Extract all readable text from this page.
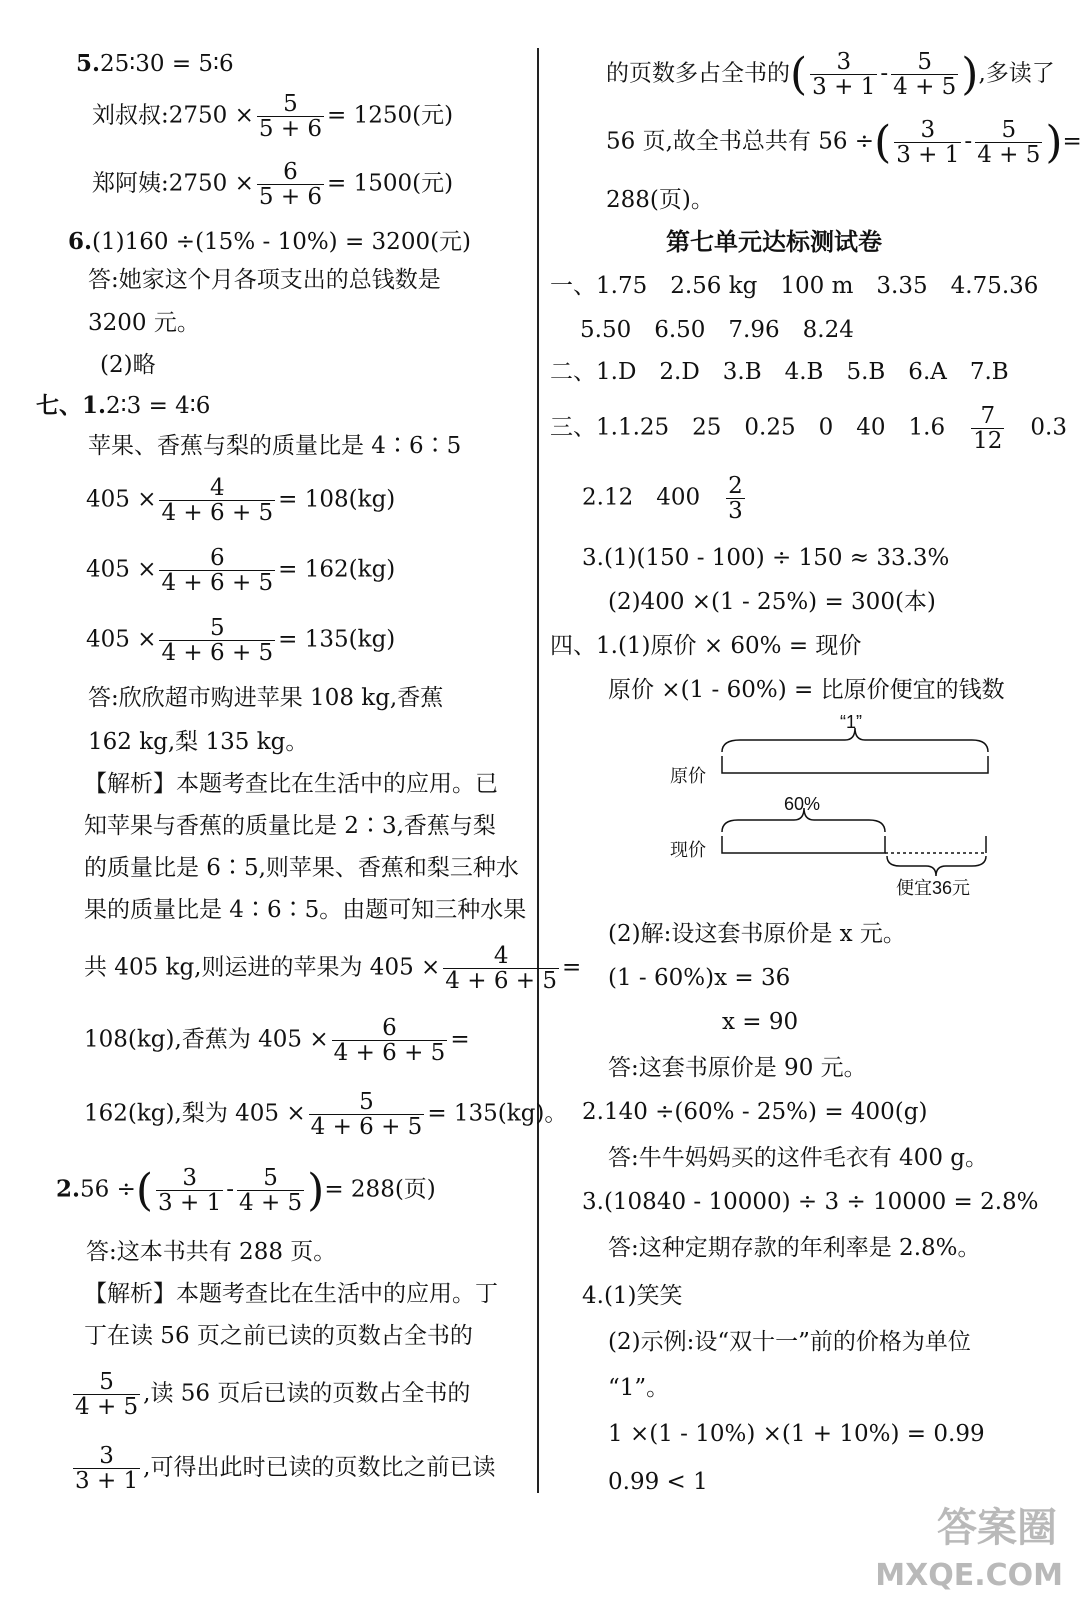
5.25∶30 = 5∶6
刘叔叔:2750 × $\frac{5}{5 + 6} = 1250$(元)
郑阿姨:2750 × $\frac{6}{5 + 6} = 1500$(元)
6.(1)160 ÷(15% - 10%) = 3200(元)
答:她家这个月各项支出的总钱数是
3200 元。
(2)略
七、1.2∶3 = 4∶6
苹果、香蕉与梨的质量比是 4∶6∶5
$405 \times \frac{4}{4 + 6 + 5} = 108(kg)$
$405 \times \frac{6}{4 + 6 + 5} = 162(kg)$
$405 \times \frac{5}{4 + 6 + 5} = 135(kg)$
答:欣欣超市购进苹果 108 kg,香蕉
162 kg,梨 135 kg。
【解析】本题考查比在生活中的应用。已
知苹果与香蕉的质量比是 2∶3,香蕉与梨
的质量比是 6∶5,则苹果、香蕉和梨三种水
果的质量比是 4∶6∶5。由题可知三种水果
共 405 kg,则运进的苹果为 $405 \times \frac{4}{4 + 6 + 5}$ =
108(kg),香蕉为 $405 \times \frac{6}{4 + 6 + 5}$ =
162(kg),梨为 $405 \times \frac{5}{4 + 6 + 5} = 135(kg)$。
2.56 ÷( $\frac{3}{3 + 1} - \frac{5}{4 + 5}$ )= 288(页)
答:这本书共有 288 页。
【解析】本题考查比在生活中的应用。丁
丁在读 56 页之前已读的页数占全书的
$\frac{5}{4 + 5}$ ,读 56 页后已读的页数占全书的
$\frac{3}{3 + 1}$ ,可得出此时已读的页数比之前已读
的页数多占全书的( $\frac{3}{3 + 1} - \frac{5}{4 + 5}$ ),多读了
56 页,故全书总共有 56 ÷( $\frac{3}{3 + 1} - \frac{5}{4 + 5}$ )=
288(页)。
第七单元达标测试卷
一、1.75　2.56 kg　100 m　3.35　4.75.36
5.50　6.50　7.96　8.24
二、1.D　2.D　3.B　4.B　5.B　6.A　7.B
三、1.1.25　25　0.25　0　40　1.6　 $\frac{7}{12}$
　 0.3
2.12　400　 $\frac{2}{3}$
3.(1)(150 - 100) ÷ 150 ≈ 33.3%
(2)400 ×(1 - 25%) = 300(本)
四、1.(1)原价 × 60% = 现价
原价 ×(1 - 60%) = 比原价便宜的钱数
“1”
原价
60%
现价
便宜36元
(2)解:设这套书原价是 x 元。
(1 - 60%)x = 36
x = 90
答:这套书原价是 90 元。
2.140 ÷(60% - 25%) = 400(g)
答:牛牛妈妈买的这件毛衣有 400 g。
3.(10840 - 10000) ÷ 3 ÷ 10000 = 2.8%
答:这种定期存款的年利率是 2.8%。
4.(1)笑笑
(2)示例:设“双十一”前的价格为单位
“1”。
1 ×(1 - 10%) ×(1 + 10%) = 0.99
0.99 < 1
答案圈
MXQE.COM
